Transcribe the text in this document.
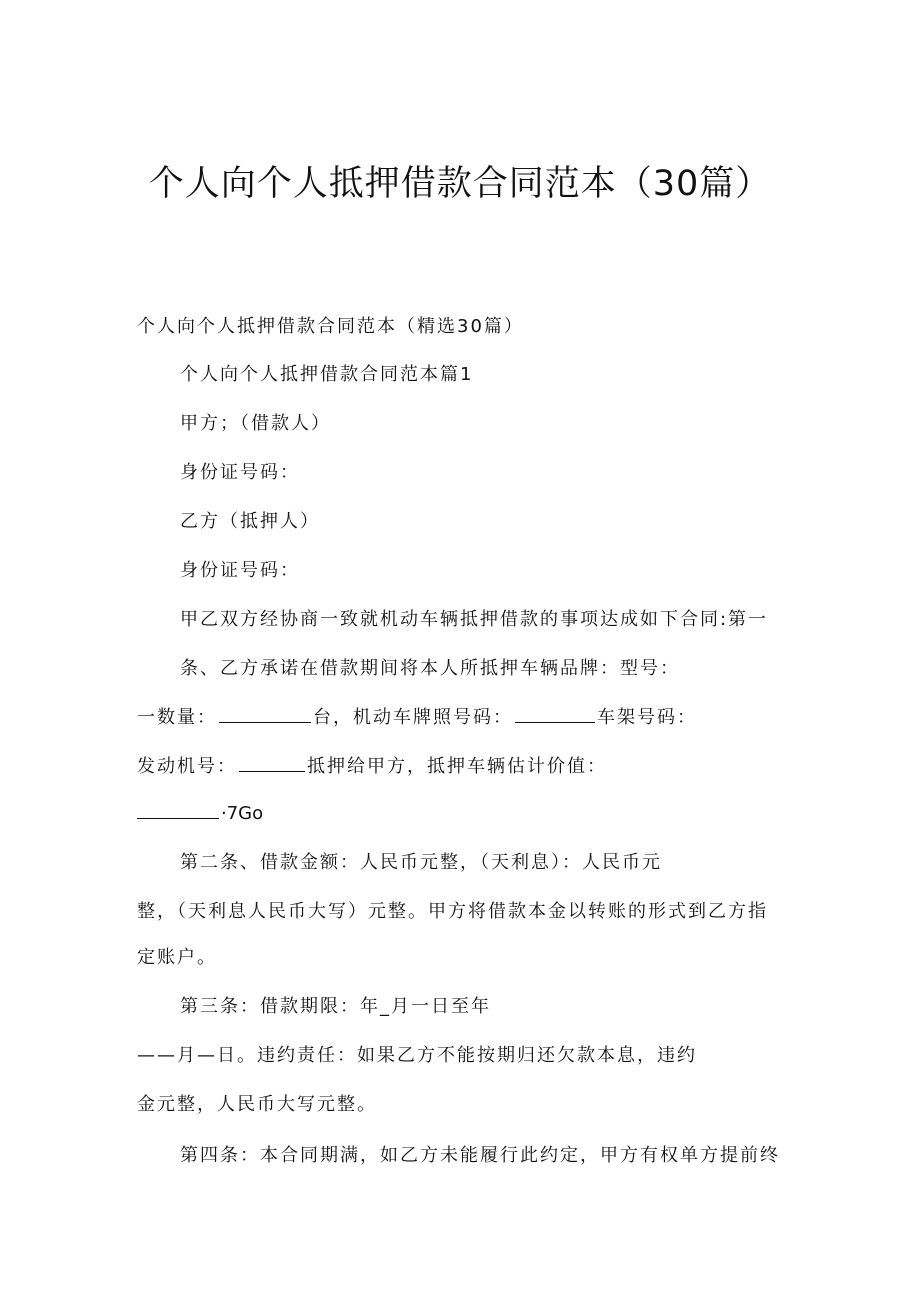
个人向个人抵押借款合同范本（30篇）
个人向个人抵押借款合同范本（精选30篇）
个人向个人抵押借款合同范本篇1
甲方；（借款人）
身份证号码：
乙方（抵押人）
身份证号码：
甲乙双方经协商一致就机动车辆抵押借款的事项达成如下合同:第一
条、乙方承诺在借款期间将本人所抵押车辆品牌：型号：
一数量：	台，机动车牌照号码：	车架号码：
发动机号：	抵押给甲方，抵押车辆估计价值：
·7Go
第二条、借款金额：人民币元整，（天利息）：人民币元
整，（天利息人民币大写）元整。甲方将借款本金以转账的形式到乙方指
定账户。
第三条：借款期限：年_月一日至年
——月—日。违约责任：如果乙方不能按期归还欠款本息，违约
金元整，人民币大写元整。
第四条：本合同期满，如乙方未能履行此约定，甲方有权单方提前终
